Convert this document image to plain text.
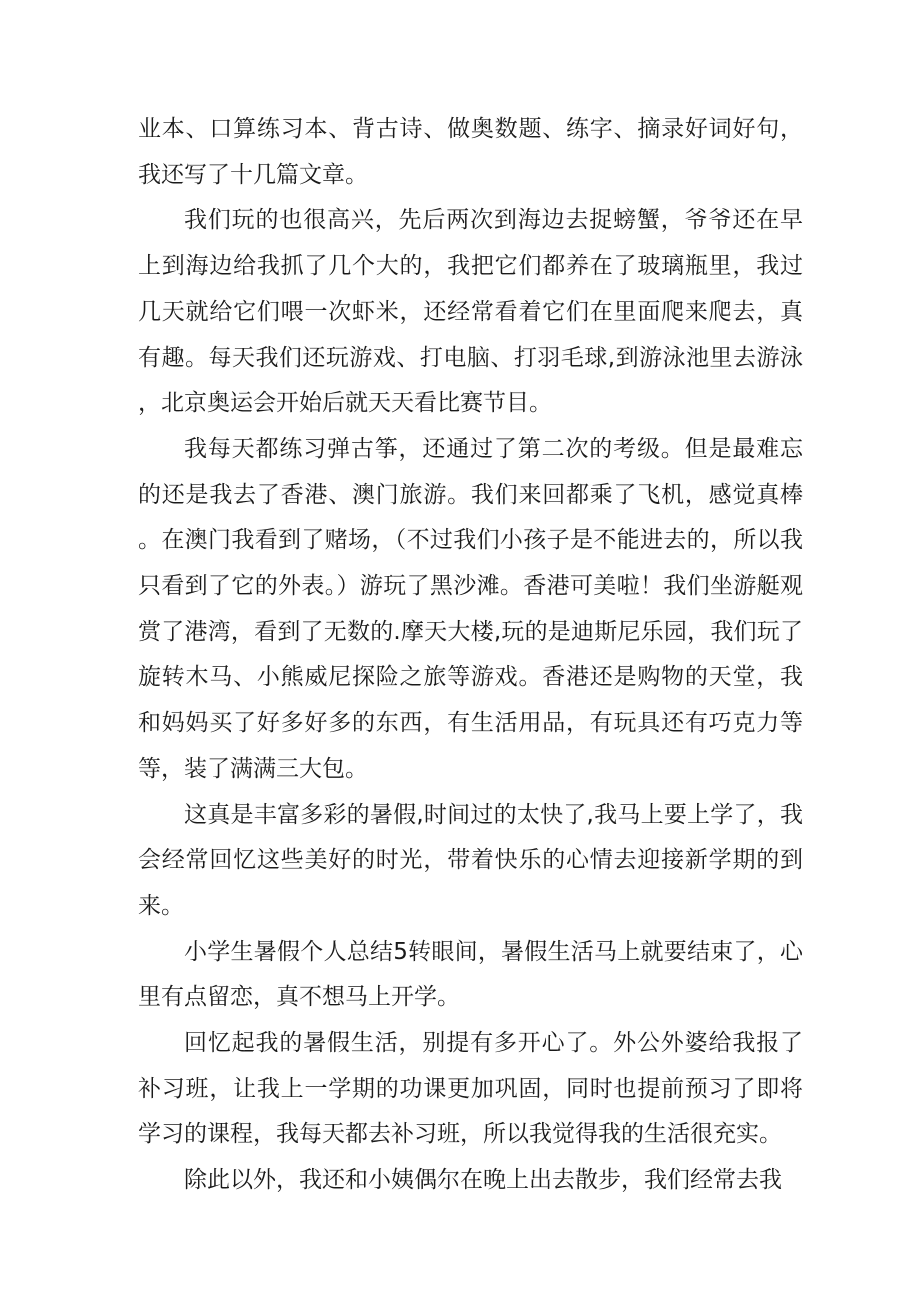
业本、口算练习本、背古诗、做奥数题、练字、摘录好词好句，我还写了十几篇文章。

我们玩的也很高兴，先后两次到海边去捉螃蟹，爷爷还在早上到海边给我抓了几个大的，我把它们都养在了玻璃瓶里，我过几天就给它们喂一次虾米，还经常看着它们在里面爬来爬去，真有趣。每天我们还玩游戏、打电脑、打羽毛球,到游泳池里去游泳，北京奥运会开始后就天天看比赛节目。

我每天都练习弹古筝，还通过了第二次的考级。但是最难忘的还是我去了香港、澳门旅游。我们来回都乘了飞机，感觉真棒。在澳门我看到了赌场，（不过我们小孩子是不能进去的，所以我只看到了它的外表。）游玩了黑沙滩。香港可美啦！我们坐游艇观赏了港湾，看到了无数的.摩天大楼,玩的是迪斯尼乐园，我们玩了旋转木马、小熊威尼探险之旅等游戏。香港还是购物的天堂，我和妈妈买了好多好多的东西，有生活用品，有玩具还有巧克力等等，装了满满三大包。

这真是丰富多彩的暑假,时间过的太快了,我马上要上学了，我会经常回忆这些美好的时光，带着快乐的心情去迎接新学期的到来。

小学生暑假个人总结5转眼间，暑假生活马上就要结束了，心里有点留恋，真不想马上开学。

回忆起我的暑假生活，别提有多开心了。外公外婆给我报了补习班，让我上一学期的功课更加巩固，同时也提前预习了即将学习的课程，我每天都去补习班，所以我觉得我的生活很充实。

除此以外，我还和小姨偶尔在晚上出去散步，我们经常去我
